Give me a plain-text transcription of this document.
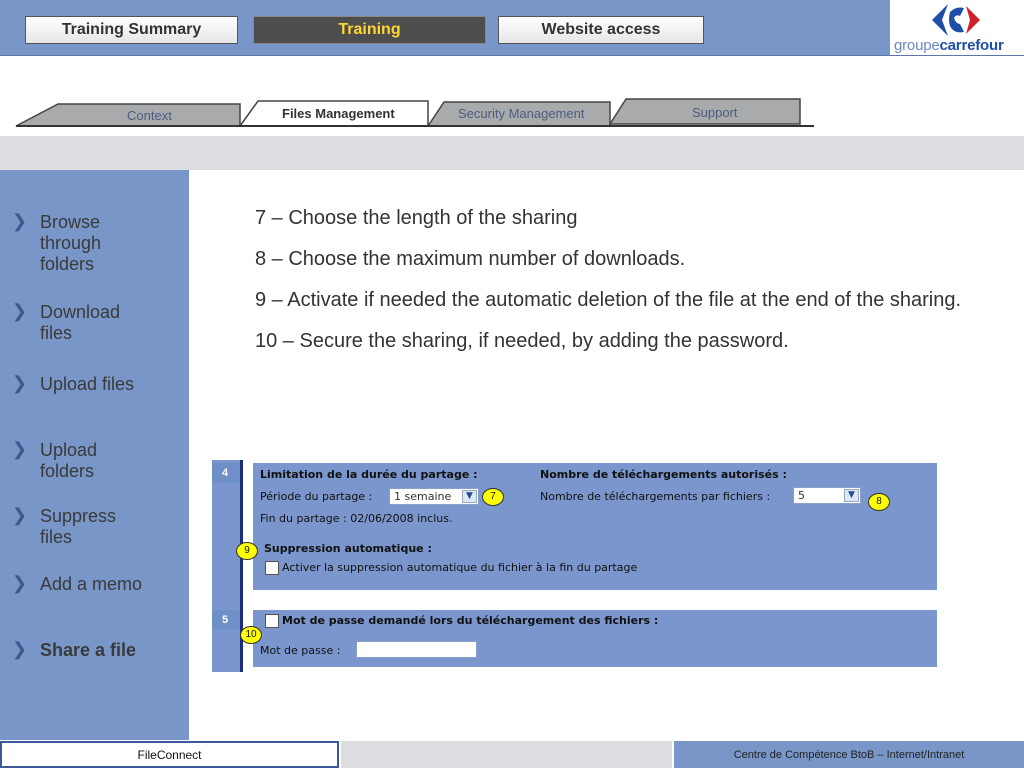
Training Summary	Training	Website access
groupecarrefour
Context	Files Management	Security Management	Support
❯ Browse through folders
❯ Download files
❯ Upload files
❯ Upload folders
❯ Suppress files
❯ Add a memo
❯ Share a file

7 – Choose the length of the sharing

8 – Choose the maximum number of downloads.

9 – Activate if needed the automatic deletion of the file at the end of the sharing.

10 – Secure the sharing, if needed, by adding the password.

4
5
Limitation de la durée du partage :
Période du partage :	1 semaine	▼
Fin du partage : 02/06/2008 inclus.
Nombre de téléchargements autorisés :
Nombre de téléchargements par fichiers :	5	▼
Suppression automatique :
Activer la suppression automatique du fichier à la fin du partage
Mot de passe demandé lors du téléchargement des fichiers :
Mot de passe :
7	8
9
10
FileConnect	Centre de Compétence BtoB – Internet/Intranet
